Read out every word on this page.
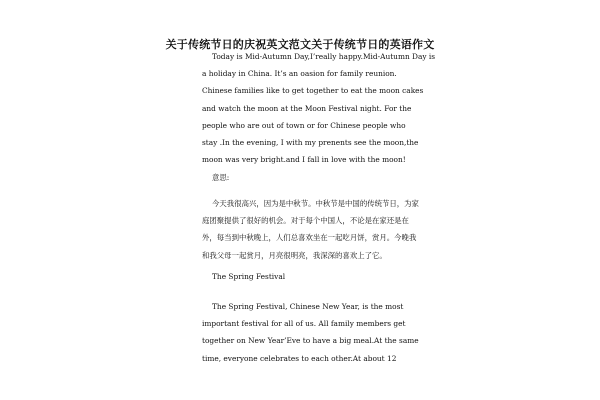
关于传统节日的庆祝英文范文关于传统节日的英语作文
Today is Mid-Autumn Day,I’really happy.Mid-Autumn Day is
a holiday in China. It’s an oasion for family reunion.
Chinese families like to get together to eat the moon cakes
and watch the moon at the Moon Festival night. For the
people who are out of town or for Chinese people who
stay .In the evening, I with my prenents see the moon,the
moon was very bright.and I fall in love with the moon!
意思:
今天我很高兴，因为是中秋节。中秋节是中国的传统节日，为家
庭团聚提供了很好的机会。对于每个中国人，不论是在家还是在
外，每当到中秋晚上，人们总喜欢坐在一起吃月饼，赏月。今晚我
和我父母一起赏月，月亮很明亮，我深深的喜欢上了它。
The Spring Festival
The Spring Festival, Chinese New Year, is the most
important festival for all of us. All family members get
together on New Year’Eve to have a big meal.At the same
time, everyone celebrates to each other.At about 12
